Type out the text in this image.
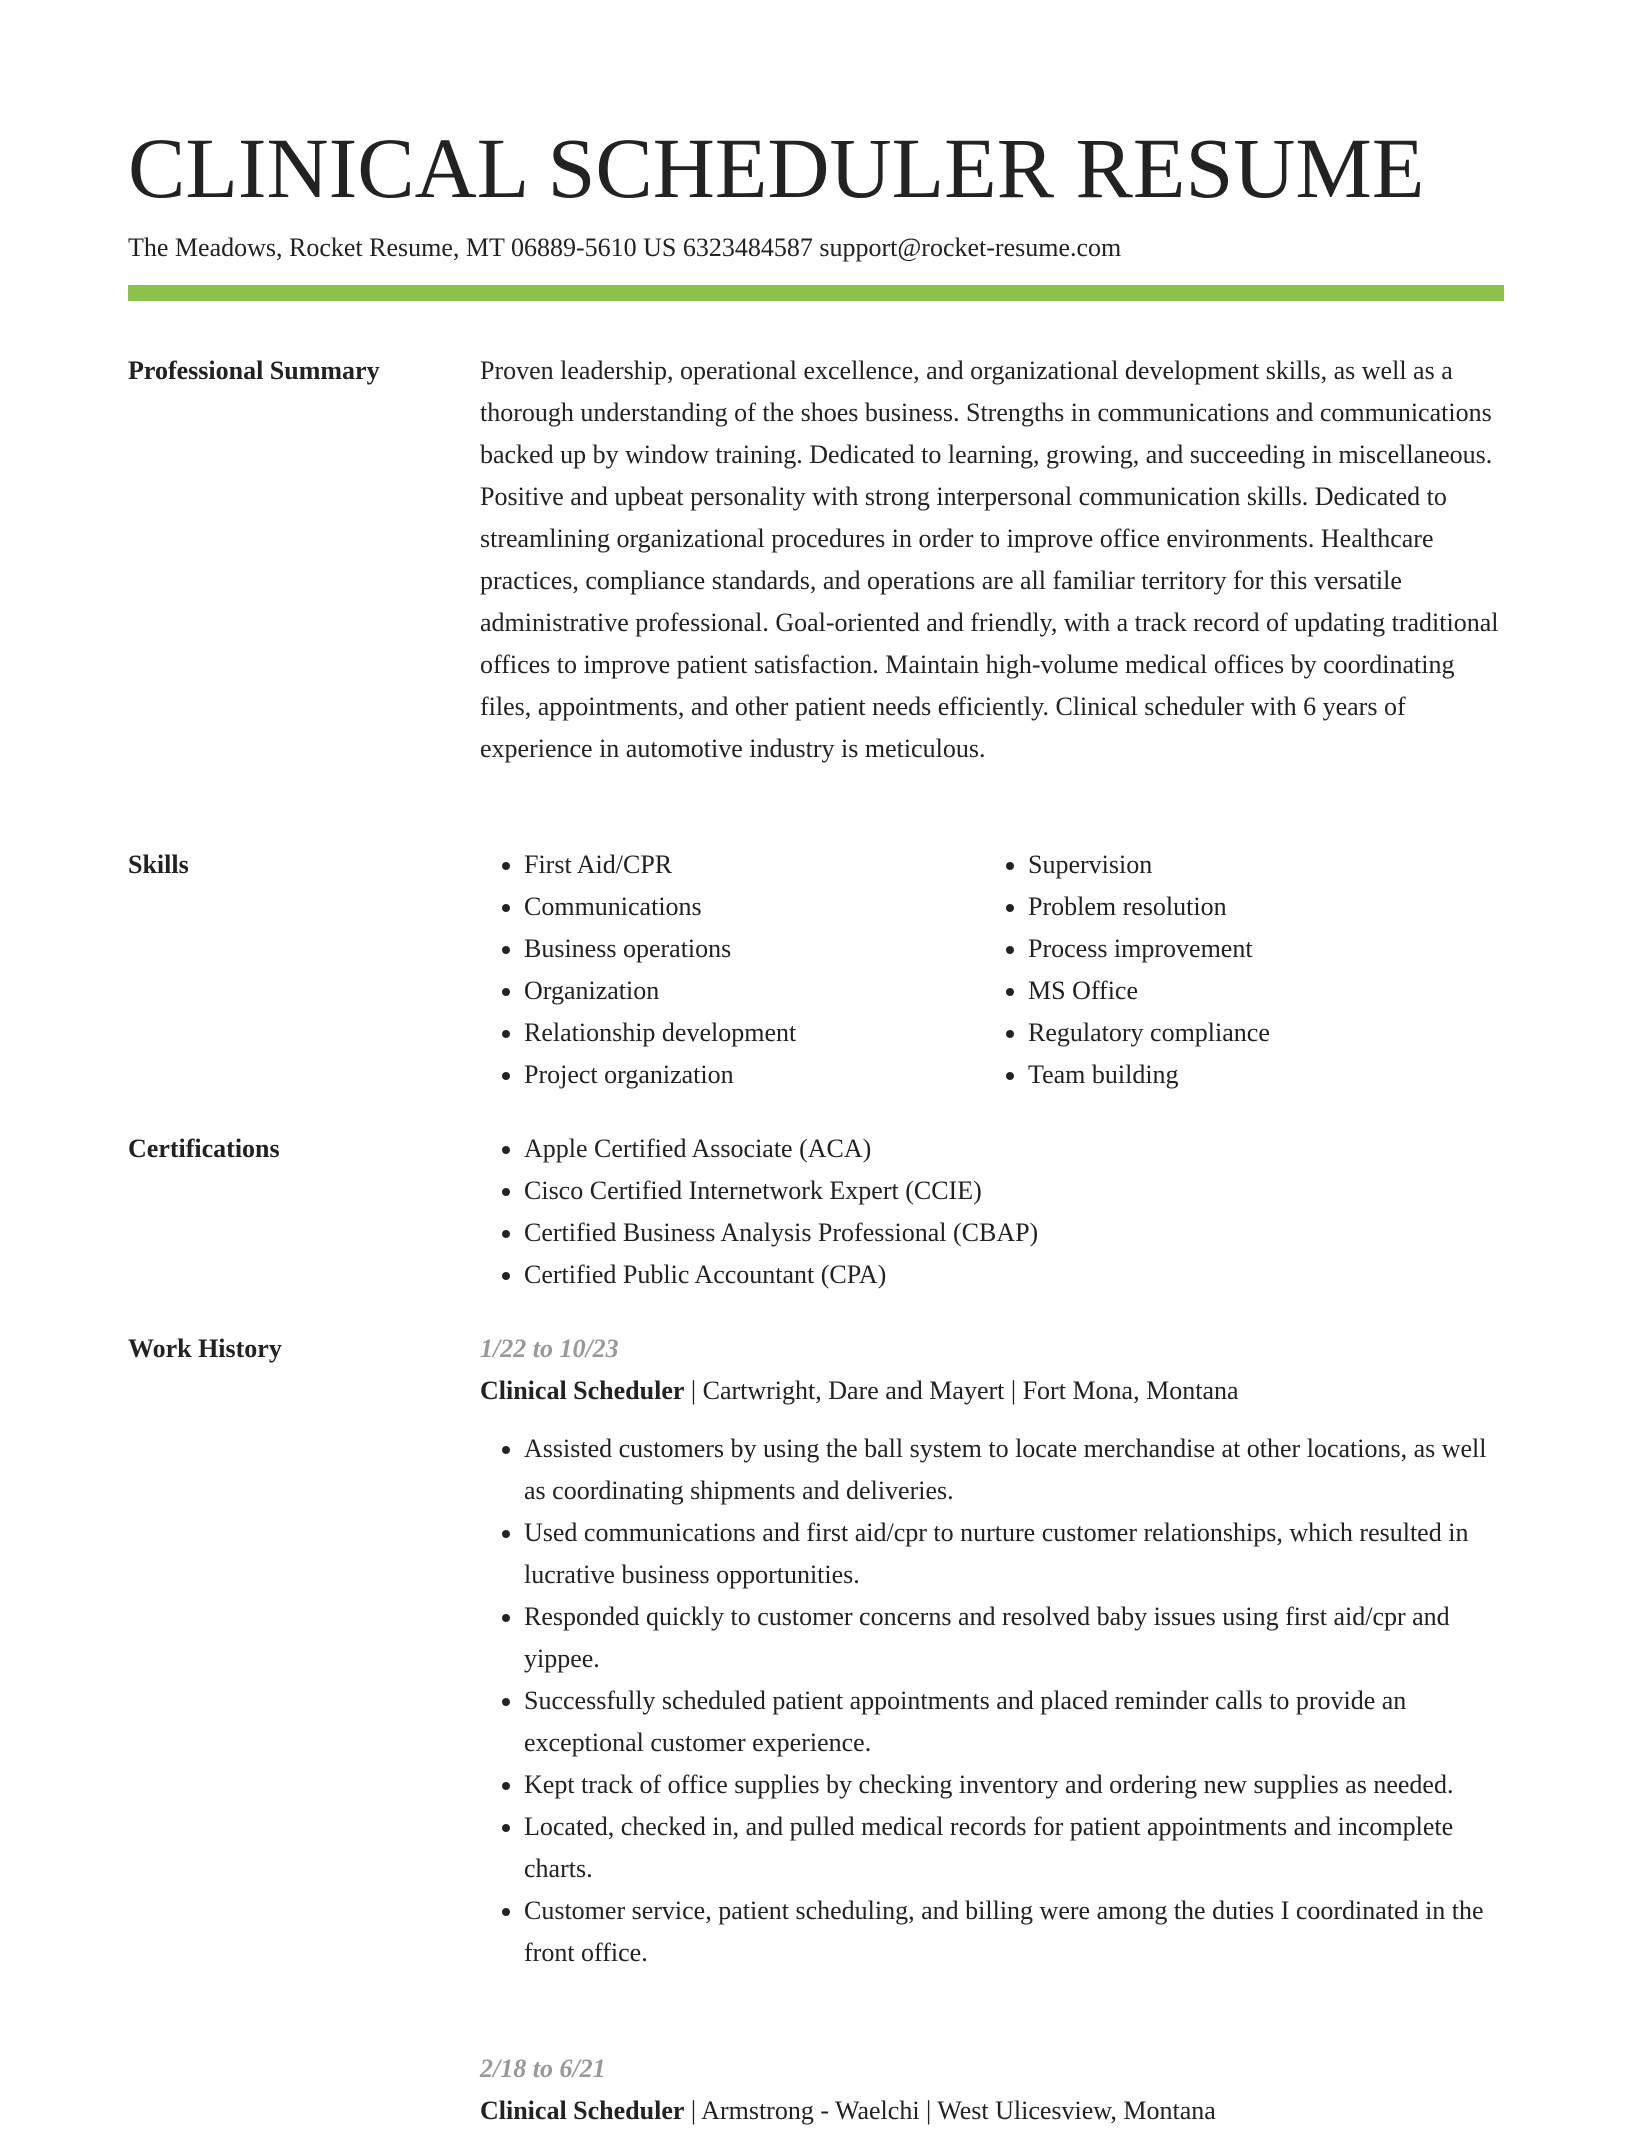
CLINICAL SCHEDULER RESUME
The Meadows, Rocket Resume, MT 06889-5610 US 6323484587 support@rocket-resume.com
Professional Summary	Proven leadership, operational excellence, and organizational development skills, as well as a thorough understanding of the shoes business. Strengths in communications and communications backed up by window training. Dedicated to learning, growing, and succeeding in miscellaneous. Positive and upbeat personality with strong interpersonal communication skills. Dedicated to streamlining organizational procedures in order to improve office environments. Healthcare practices, compliance standards, and operations are all familiar territory for this versatile administrative professional. Goal-oriented and friendly, with a track record of updating traditional offices to improve patient satisfaction. Maintain high-volume medical offices by coordinating files, appointments, and other patient needs efficiently. Clinical scheduler with 6 years of experience in automotive industry is meticulous.

Skills	• First Aid/CPR
• Communications
• Business operations
• Organization
• Relationship development
• Project organization
• Supervision
• Problem resolution
• Process improvement
• MS Office
• Regulatory compliance
• Team building
Certifications	• Apple Certified Associate (ACA)
• Cisco Certified Internetwork Expert (CCIE)
• Certified Business Analysis Professional (CBAP)
• Certified Public Accountant (CPA)
Work History	1/22 to 10/23
Clinical Scheduler | Cartwright, Dare and Mayert | Fort Mona, Montana
• Assisted customers by using the ball system to locate merchandise at other locations, as well as coordinating shipments and deliveries.
• Used communications and first aid/cpr to nurture customer relationships, which resulted in lucrative business opportunities.
• Responded quickly to customer concerns and resolved baby issues using first aid/cpr and yippee.
• Successfully scheduled patient appointments and placed reminder calls to provide an exceptional customer experience.
• Kept track of office supplies by checking inventory and ordering new supplies as needed.
• Located, checked in, and pulled medical records for patient appointments and incomplete charts.
• Customer service, patient scheduling, and billing were among the duties I coordinated in the front office.
2/18 to 6/21
Clinical Scheduler | Armstrong - Waelchi | West Ulicesview, Montana
